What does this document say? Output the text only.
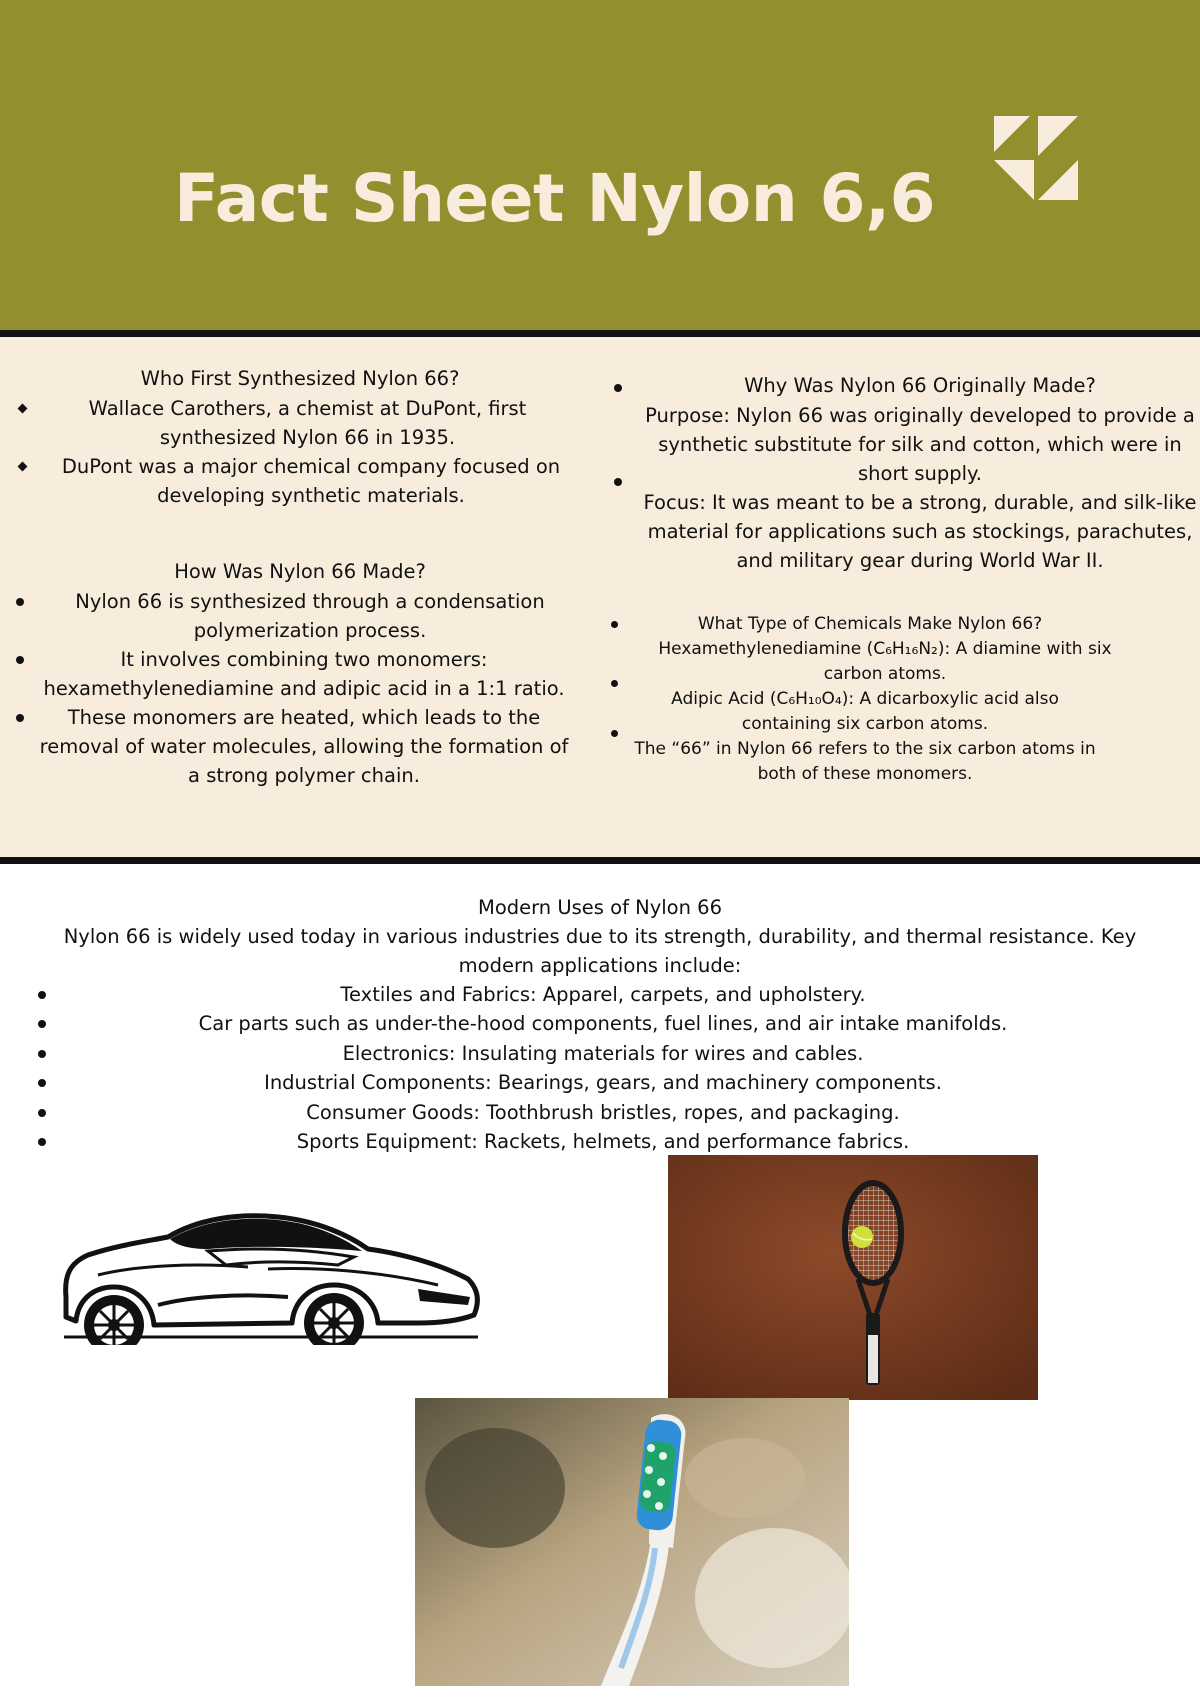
Fact Sheet Nylon 6,6
Who First Synthesized Nylon 66?
Wallace Carothers, a chemist at DuPont, first synthesized Nylon 66 in 1935.
DuPont was a major chemical company focused on developing synthetic materials.
How Was Nylon 66 Made?
Nylon 66 is synthesized through a condensation polymerization process.
It involves combining two monomers: hexamethylenediamine and adipic acid in a 1:1 ratio.
These monomers are heated, which leads to the removal of water molecules, allowing the formation of a strong polymer chain.
Why Was Nylon 66 Originally Made?
Purpose: Nylon 66 was originally developed to provide a synthetic substitute for silk and cotton, which were in short supply.
Focus: It was meant to be a strong, durable, and silk-like material for applications such as stockings, parachutes, and military gear during World War II.
What Type of Chemicals Make Nylon 66?
Hexamethylenediamine (C₆H₁₆N₂): A diamine with six carbon atoms.
Adipic Acid (C₆H₁₀O₄): A dicarboxylic acid also containing six carbon atoms.
The “66” in Nylon 66 refers to the six carbon atoms in both of these monomers.
Modern Uses of Nylon 66
Nylon 66 is widely used today in various industries due to its strength, durability, and thermal resistance. Key modern applications include:
Textiles and Fabrics: Apparel, carpets, and upholstery.
Car parts such as under-the-hood components, fuel lines, and air intake manifolds.
Electronics: Insulating materials for wires and cables.
Industrial Components: Bearings, gears, and machinery components.
Consumer Goods: Toothbrush bristles, ropes, and packaging.
Sports Equipment: Rackets, helmets, and performance fabrics.
